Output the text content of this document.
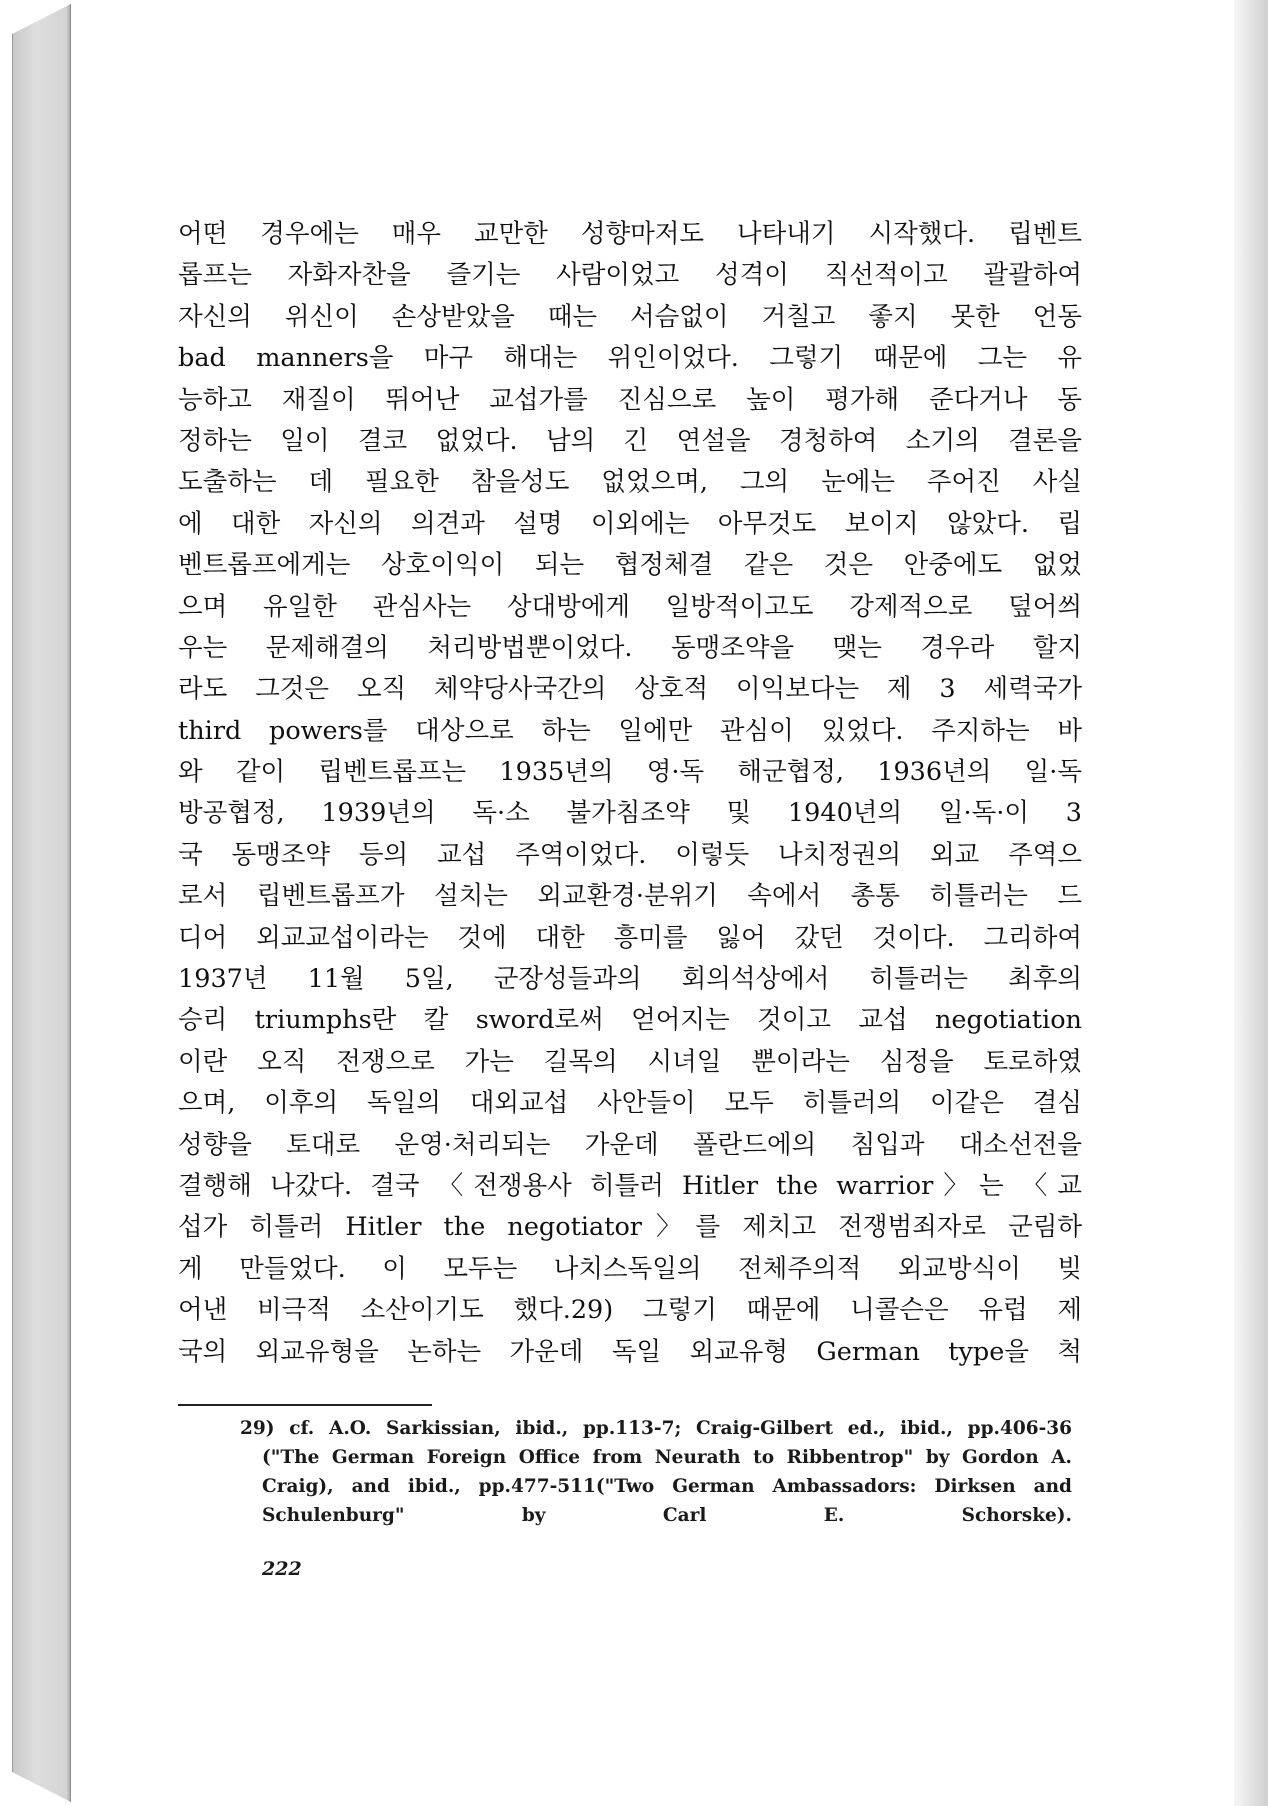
어떤 경우에는 매우 교만한 성향마저도 나타내기 시작했다. 립벤트
롭프는 자화자찬을 즐기는 사람이었고 성격이 직선적이고 괄괄하여
자신의 위신이 손상받았을 때는 서슴없이 거칠고 좋지 못한 언동
bad manners을 마구 해대는 위인이었다. 그렇기 때문에 그는 유
능하고 재질이 뛰어난 교섭가를 진심으로 높이 평가해 준다거나 동
정하는 일이 결코 없었다. 남의 긴 연설을 경청하여 소기의 결론을
도출하는 데 필요한 참을성도 없었으며, 그의 눈에는 주어진 사실
에 대한 자신의 의견과 설명 이외에는 아무것도 보이지 않았다. 립
벤트롭프에게는 상호이익이 되는 협정체결 같은 것은 안중에도 없었
으며 유일한 관심사는 상대방에게 일방적이고도 강제적으로 덮어씌
우는 문제해결의 처리방법뿐이었다. 동맹조약을 맺는 경우라 할지
라도 그것은 오직 체약당사국간의 상호적 이익보다는 제 3 세력국가
third powers를 대상으로 하는 일에만 관심이 있었다. 주지하는 바
와 같이 립벤트롭프는 1935년의 영·독 해군협정, 1936년의 일·독
방공협정, 1939년의 독·소 불가침조약 및 1940년의 일·독·이 3
국 동맹조약 등의 교섭 주역이었다. 이렇듯 나치정권의 외교 주역으
로서 립벤트롭프가 설치는 외교환경·분위기 속에서 총통 히틀러는 드
디어 외교교섭이라는 것에 대한 흥미를 잃어 갔던 것이다. 그리하여
1937년 11월 5일, 군장성들과의 회의석상에서 히틀러는 최후의
승리 triumphs란 칼 sword로써 얻어지는 것이고 교섭 negotiation
이란 오직 전쟁으로 가는 길목의 시녀일 뿐이라는 심정을 토로하였
으며, 이후의 독일의 대외교섭 사안들이 모두 히틀러의 이같은 결심
성향을 토대로 운영·처리되는 가운데 폴란드에의 침입과 대소선전을
결행해 나갔다. 결국 〈전쟁용사 히틀러 Hitler the warrior〉는 〈교
섭가 히틀러 Hitler the negotiator〉를 제치고 전쟁범죄자로 군림하
게 만들었다. 이 모두는 나치스독일의 전체주의적 외교방식이 빚
어낸 비극적 소산이기도 했다.29) 그렇기 때문에 니콜슨은 유럽 제
국의 외교유형을 논하는 가운데 독일 외교유형 German type을 척
29) cf. A.O. Sarkissian, ibid., pp.113-7; Craig-Gilbert ed., ibid., pp.406-36
("The German Foreign Office from Neurath to Ribbentrop" by Gordon A.
Craig), and ibid., pp.477-511("Two German Ambassadors: Dirksen and
Schulenburg" by Carl E. Schorske).
222
